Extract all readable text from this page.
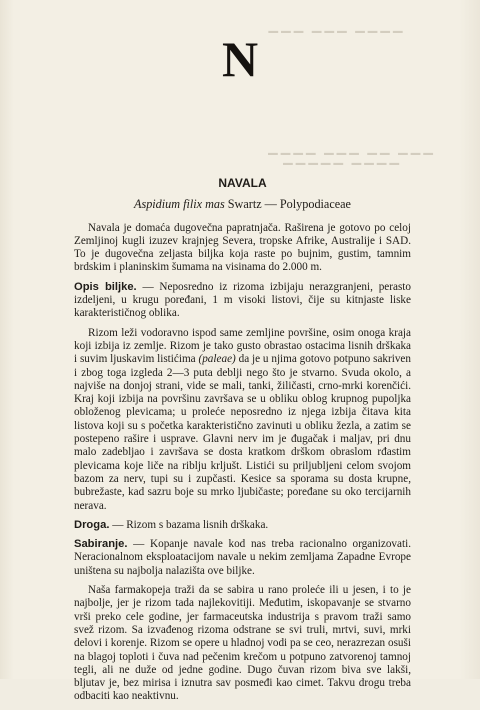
▬▬▬ ▬▬▬ ▬▬▬▬
▬▬▬▬ ▬▬▬ ▬▬ ▬▬▬
▬▬▬▬▬ ▬▬▬▬
N
NAVALA
Aspidium filix mas Swartz — Polypodiaceae

Navala je domaća dugovečna papratnjača. Raširena je gotovo po celoj Zemljinoj kugli izuzev krajnjeg Severa, tropske Afrike, Australije i SAD. To je dugovečna zeljasta biljka koja raste po bujnim, gustim, tamnim brdskim i planinskim šumama na visinama do 2.000 m.

Opis biljke. — Neposredno iz rizoma izbijaju nerazgranjeni, perasto izdeljeni, u krugu poređani, 1 m visoki listovi, čije su kitnjaste liske karakterističnog oblika.

Rizom leži vodoravno ispod same zemljine površine, osim onoga kraja koji izbija iz zemlje. Rizom je tako gusto obrastao ostacima lisnih drškaka i suvim ljuskavim listićima (paleae) da je u njima gotovo potpuno sakriven i zbog toga izgleda 2—3 puta deblji nego što je stvarno. Svuda okolo, a najviše na donjoj strani, vide se mali, tanki, žiličasti, crno-mrki korenčići. Kraj koji izbija na površinu završava se u obliku oblog krupnog pupoljka obloženog plevicama; u proleće neposredno iz njega izbija čitava kita listova koji su s početka karakteristično zavinuti u obliku žezla, a zatim se postepeno rašire i uspravе. Glavni nerv im je đugačak i maljav, pri dnu malo zadebljao i završava se dosta kratkom drškom obraslom rđastim plevicama koje liče na riblju krljušt. Listići su priljubljeni celom svojom bazom za nerv, tupi su i zupčasti. Kesice sa sporama su dosta krupne, bubrežaste, kad sazru boje su mrko ljubičaste; poređane su oko tercijarnih nerava.

Droga. — Rizom s bazama lisnih drškaka.

Sabiranje. — Kopanje navale kod nas treba racionalno organizovati. Neracionalnom eksploatacijom navale u nekim zemljama Zapadne Evrope uništena su najbolja nalazišta ove biljke.

Naša farmakopeja traži da se sabira u rano proleće ili u jesen, i to je najbolje, jer je rizom tada najlekovitiji. Međutim, iskopavanje se stvarno vrši preko cele godine, jer farmaceutska industrija s pravom traži samo svež rizom. Sa izvađenog rizoma odstrane se svi truli, mrtvi, suvi, mrki delovi i korenje. Rizom se opere u hladnoj vodi pa se ceo, nerazrezan osuši na blagoj toploti i čuva nad pečenim krečom u potpuno zatvorenoj tamnoj tegli, ali ne duže od jedne godine. Dugo čuvan rizom biva sve lakši, bljutav je, bez mirisa i iznutra sav posmeđi kao cimet. Takvu drogu treba odbaciti kao neaktivnu.
